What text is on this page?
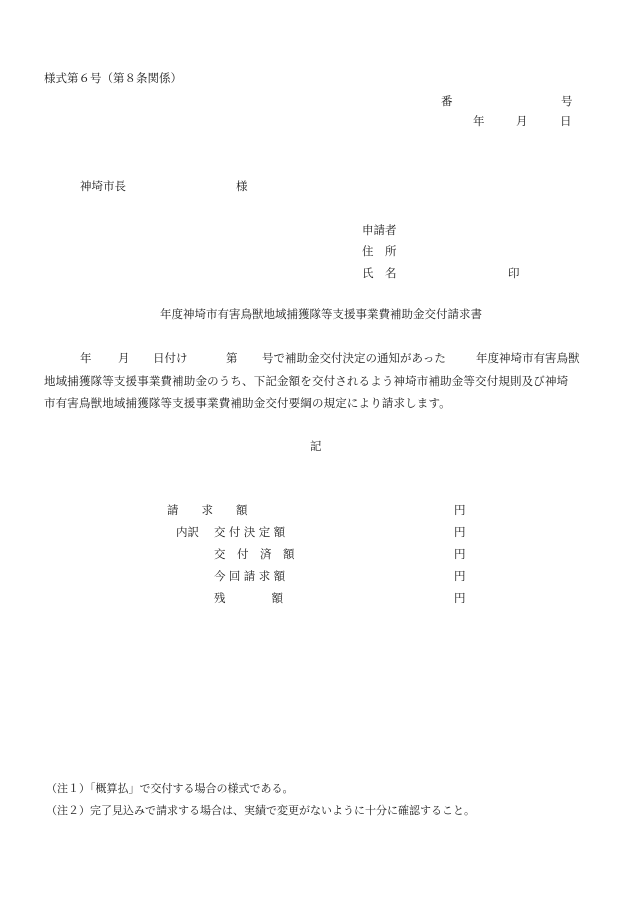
様式第６号（第８条関係）
番	号
年	月	日
神埼市長	様
申請者
住　所
氏　名	印
年度神埼市有害鳥獣地域捕獲隊等支援事業費補助金交付請求書
年 月 日付け	第 号で補助金交付決定の通知があった	年度神埼市有害鳥獣
地域捕獲隊等支援事業費補助金のうち、下記金額を交付されるよう神埼市補助金等交付規則及び神埼
市有害鳥獣地域捕獲隊等支援事業費補助金交付要綱の規定により請求します。
記
請　　求　　額	円
内訳 交付決定額	円
交　付　済　額	円
今回請求額	円
残　　　　額	円
（注１）「概算払」で交付する場合の様式である。
（注２）完了見込みで請求する場合は、実績で変更がないように十分に確認すること。
